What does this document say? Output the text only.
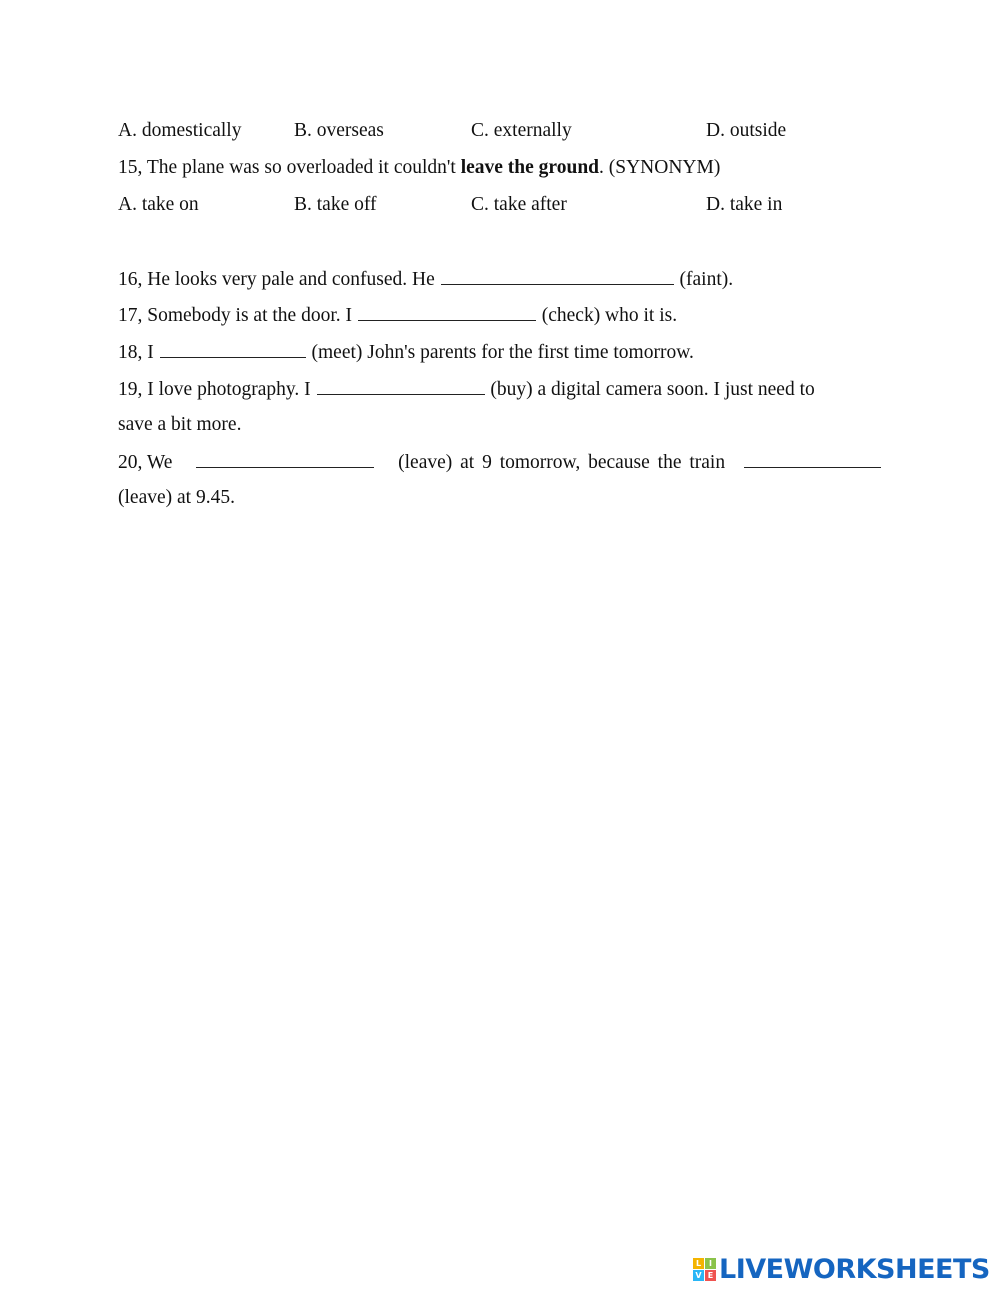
A. domestically	B. overseas	C. externally	D. outside
15, The plane was so overloaded it couldn't leave the ground. (SYNONYM)
A. take on	B. take off	C. take after	D. take in
16, He looks very pale and confused. He	(faint).
17, Somebody is at the door. I	(check) who it is.
18, I	(meet) John's parents for the first time tomorrow.
19, I love photography. I	(buy) a digital camera soon. I just need to
save a bit more.
20, We	(leave) at 9 tomorrow, because the train
(leave) at 9.45.
L I
V E LIVEWORKSHEETS
